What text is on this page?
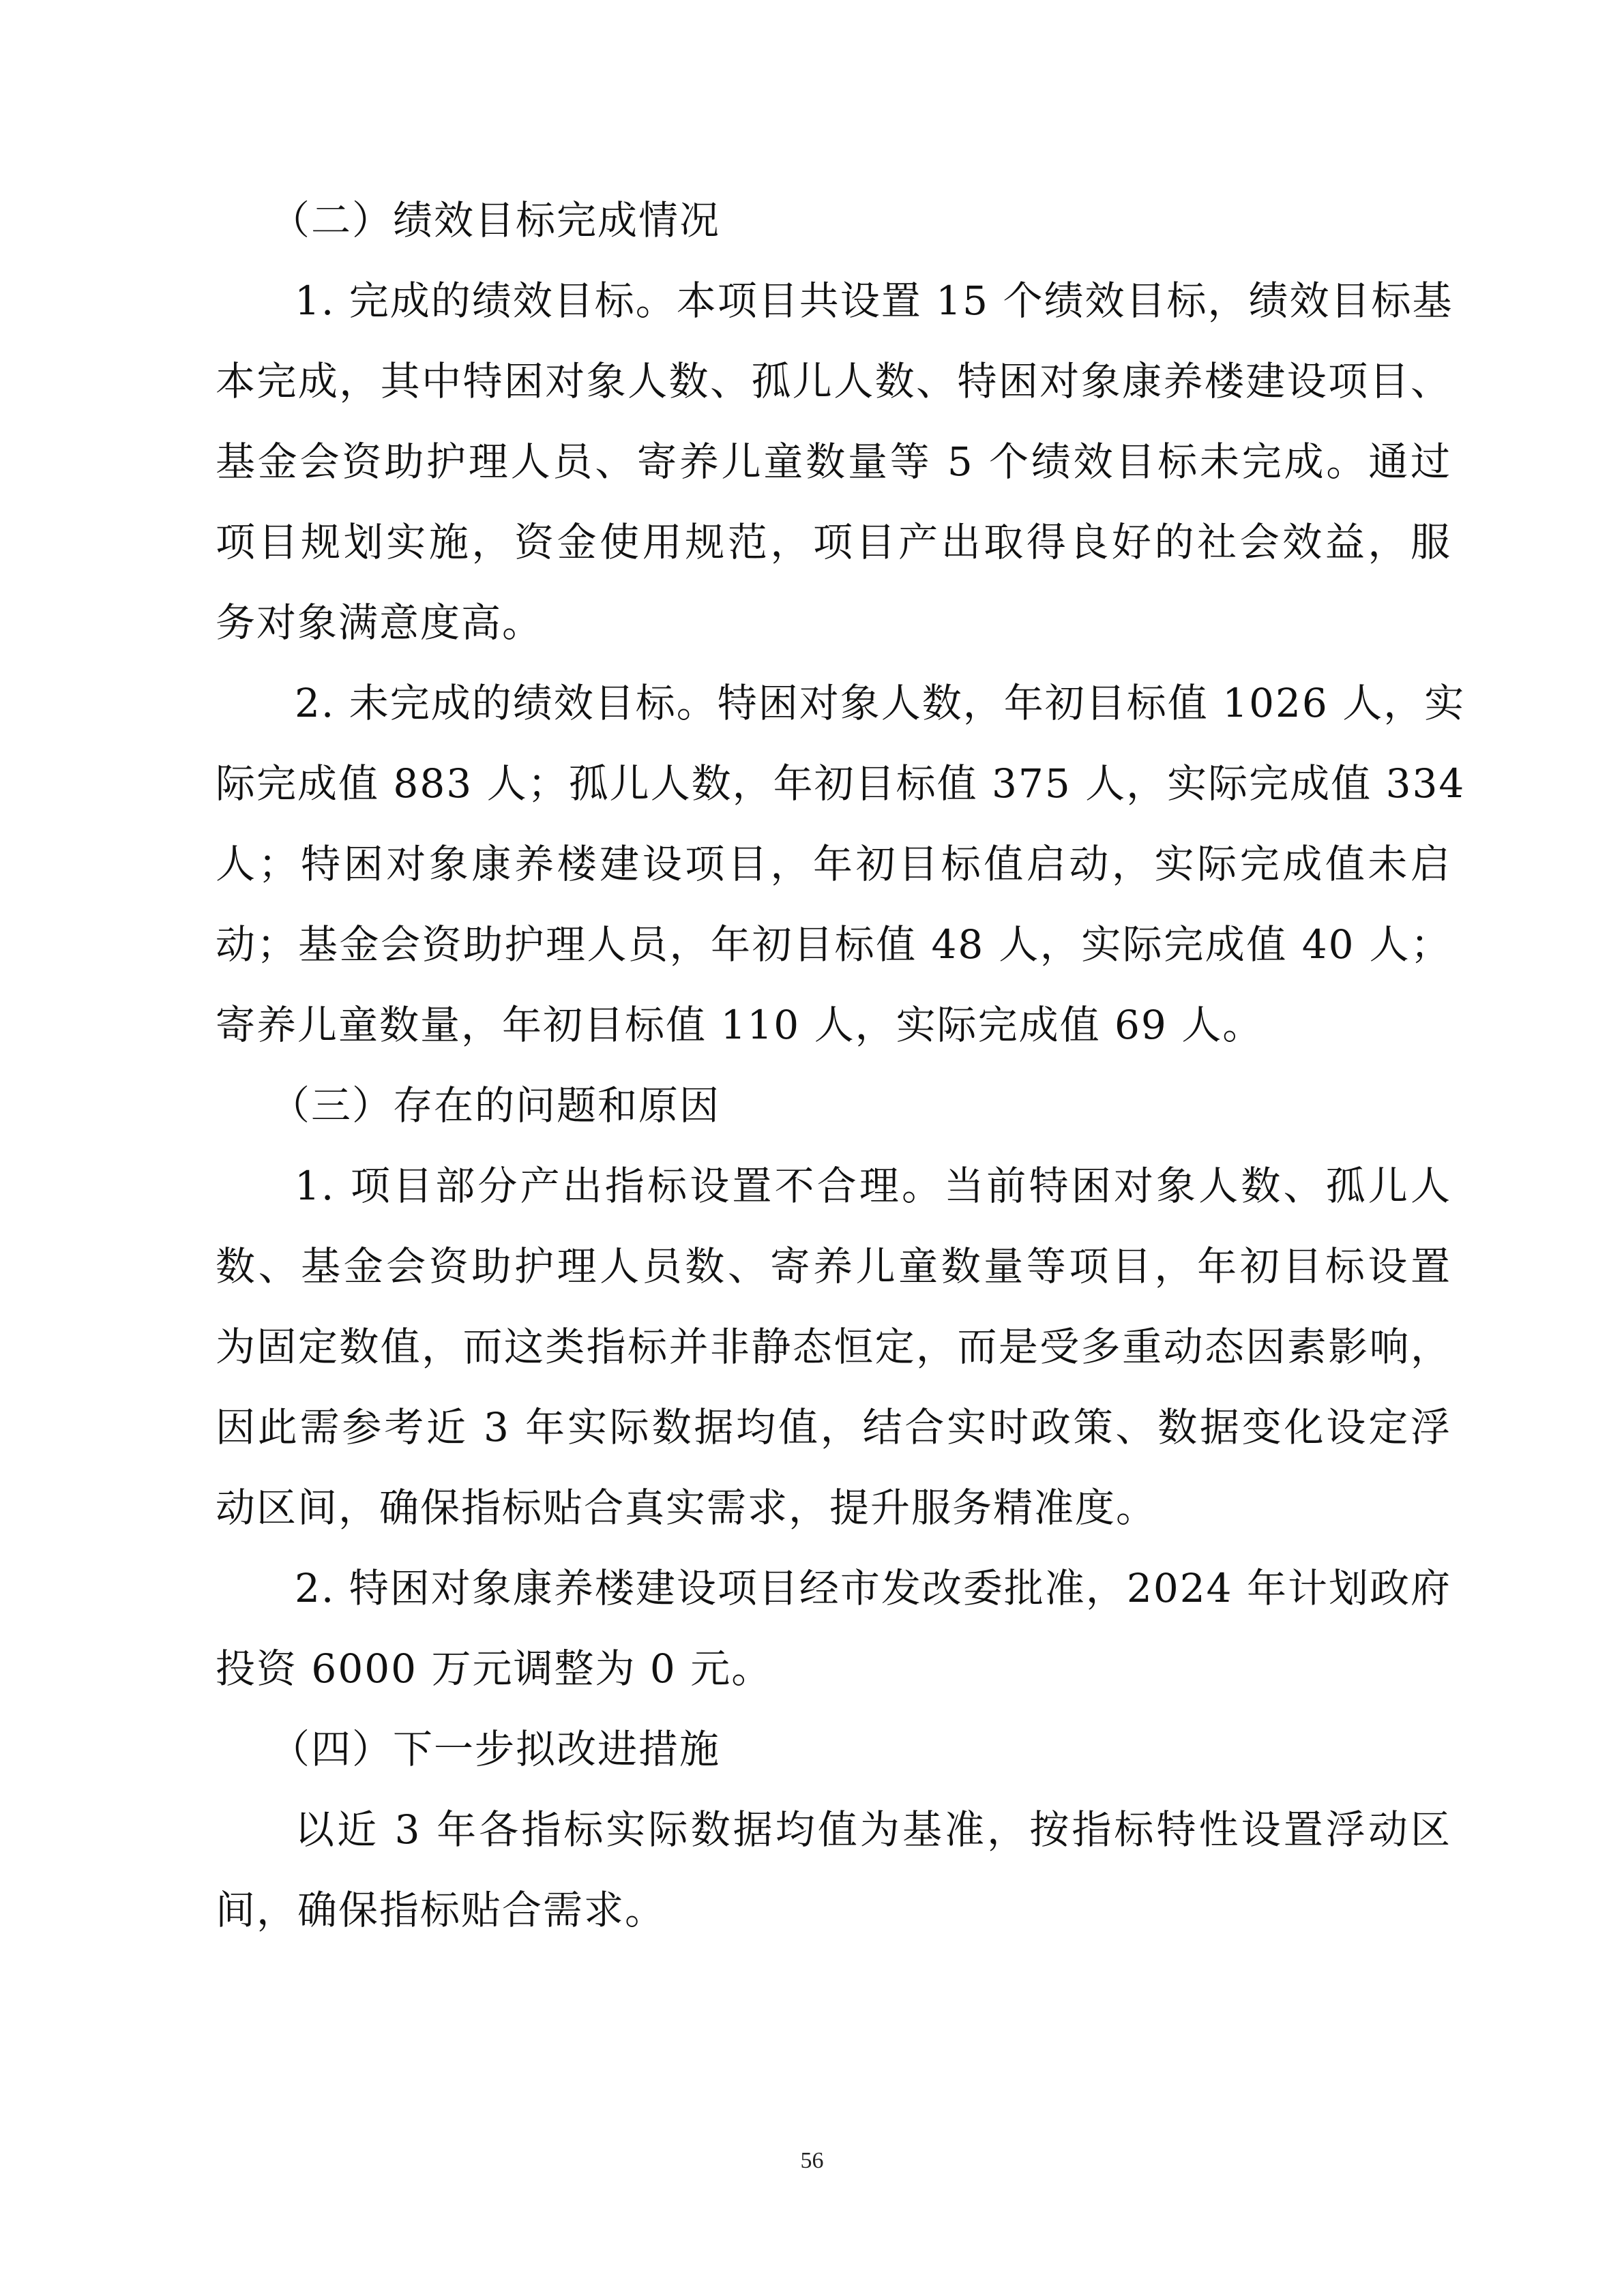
（二）绩效目标完成情况
1. 完成的绩效目标。本项目共设置 15 个绩效目标，绩效目标基
本完成，其中特困对象人数、孤儿人数、特困对象康养楼建设项目、
基金会资助护理人员、寄养儿童数量等 5 个绩效目标未完成。通过
项目规划实施，资金使用规范，项目产出取得良好的社会效益，服
务对象满意度高。
2. 未完成的绩效目标。特困对象人数，年初目标值 1026 人，实
际完成值 883 人；孤儿人数，年初目标值 375 人，实际完成值 334
人；特困对象康养楼建设项目，年初目标值启动，实际完成值未启
动；基金会资助护理人员，年初目标值 48 人，实际完成值 40 人；
寄养儿童数量，年初目标值 110 人，实际完成值 69 人。
（三）存在的问题和原因
1. 项目部分产出指标设置不合理。当前特困对象人数、孤儿人
数、基金会资助护理人员数、寄养儿童数量等项目，年初目标设置
为固定数值，而这类指标并非静态恒定，而是受多重动态因素影响，
因此需参考近 3 年实际数据均值，结合实时政策、数据变化设定浮
动区间，确保指标贴合真实需求，提升服务精准度。
2. 特困对象康养楼建设项目经市发改委批准，2024 年计划政府
投资 6000 万元调整为 0 元。
（四）下一步拟改进措施
以近 3 年各指标实际数据均值为基准，按指标特性设置浮动区
间，确保指标贴合需求。
56
